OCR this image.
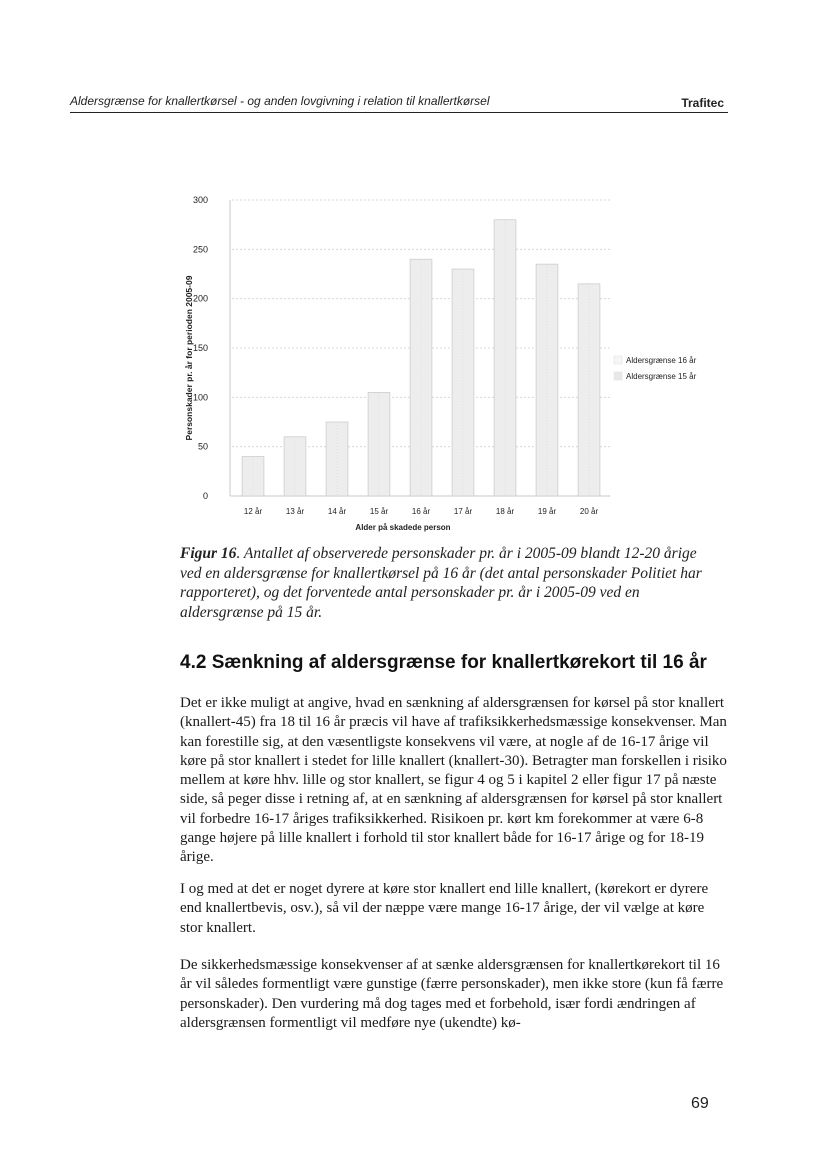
Aldersgrænse for knallertkørsel - og anden lovgivning i relation til knallertkørsel	Trafitec
0
50
100
150
200
250
300
12 år	13 år	14 år	15 år	16 år	17 år	18 år	19 år	20 år
Alder på skadede person
Personskader pr. år for perioden 2005-09	Aldersgrænse 16 år
Aldersgrænse 15 år
Figur 16. Antallet af observerede personskader pr. år i 2005-09 blandt 12-20 årige ved en aldersgrænse for knallertkørsel på 16 år (det antal personskader Politiet har rapporteret), og det forventede antal personskader pr. år i 2005-09 ved en aldersgrænse på 15 år.
4.2 Sænkning af aldersgrænse for knallertkørekort til 16 år

Det er ikke muligt at angive, hvad en sænkning af aldersgrænsen for kørsel på stor knallert (knallert-45) fra 18 til 16 år præcis vil have af trafiksikkerhedsmæssige konsekvenser. Man kan forestille sig, at den væsentligste konsekvens vil være, at nogle af de 16-17 årige vil køre på stor knallert i stedet for lille knallert (knallert-30). Betragter man forskellen i risiko mellem at køre hhv. lille og stor knallert, se figur 4 og 5 i kapitel 2 eller figur 17 på næste side, så peger disse i retning af, at en sænkning af aldersgrænsen for kørsel på stor knallert vil forbedre 16-17 åriges trafiksikkerhed. Risikoen pr. kørt km forekommer at være 6-8 gange højere på lille knallert i forhold til stor knallert både for 16-17 årige og for 18-19 årige.

I og med at det er noget dyrere at køre stor knallert end lille knallert, (kørekort er dyrere end knallertbevis, osv.), så vil der næppe være mange 16-17 årige, der vil vælge at køre stor knallert.

De sikkerhedsmæssige konsekvenser af at sænke aldersgrænsen for knallertkørekort til 16 år vil således formentligt være gunstige (færre personskader), men ikke store (kun få færre personskader). Den vurdering må dog tages med et forbehold, især fordi ændringen af aldersgrænsen formentligt vil medføre nye (ukendte) kø-

69
